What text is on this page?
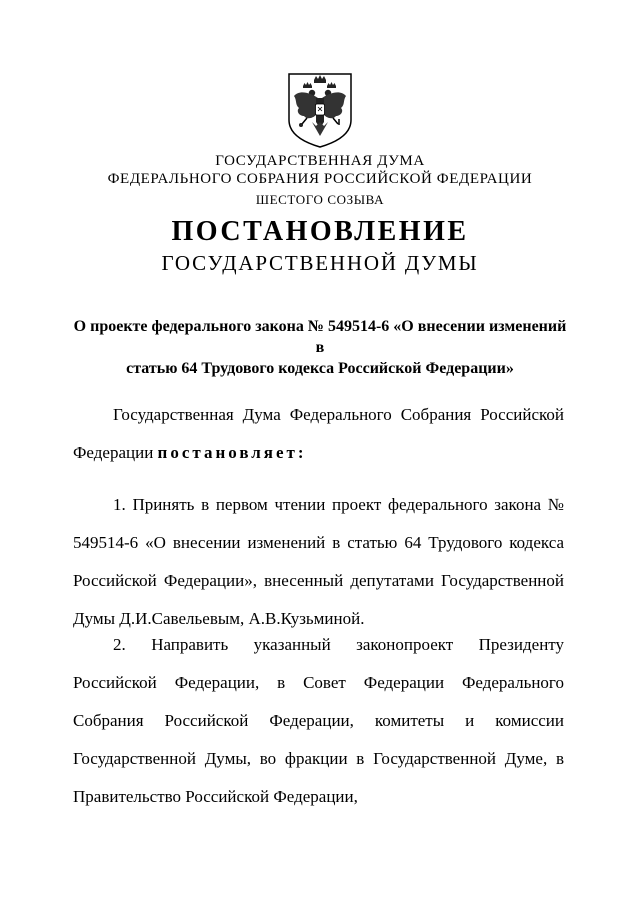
ГОСУДАРСТВЕННАЯ ДУМА
ФЕДЕРАЛЬНОГО СОБРАНИЯ РОССИЙСКОЙ ФЕДЕРАЦИИ
ШЕСТОГО СОЗЫВА
ПОСТАНОВЛЕНИЕ
ГОСУДАРСТВЕННОЙ ДУМЫ
О проекте федерального закона № 549514-6 «О внесении изменений в
статью 64 Трудового кодекса Российской Федерации»
Государственная Дума Федерального Собрания Российской Федерации постановляет:
1. Принять в первом чтении проект федерального закона № 549514-6 «О внесении изменений в статью 64 Трудового кодекса Российской Федерации», внесенный депутатами Государственной Думы Д.И.Савельевым, А.В.Кузьминой.
2. Направить указанный законопроект Президенту Российской Федерации, в Совет Федерации Федерального Собрания Российской Федерации, комитеты и комиссии Государственной Думы, во фракции в Государственной Думе, в Правительство Российской Федерации,
